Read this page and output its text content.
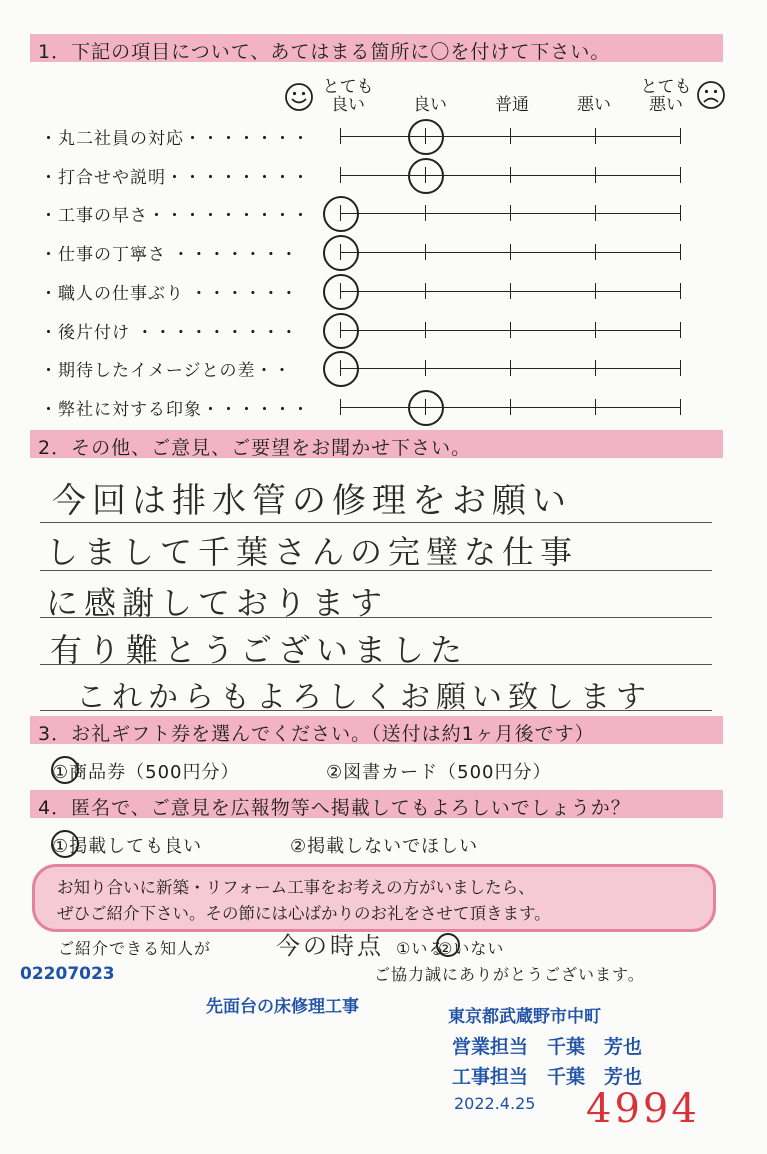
1．下記の項目について、あてはまる箇所に〇を付けて下さい。
とても
良い	良い	普通	悪い
とても
悪い
・丸二社員の対応・・・・・・・
・打合せや説明・・・・・・・・
・工事の早さ・・・・・・・・・
・仕事の丁寧さ ・・・・・・・
・職人の仕事ぶり ・・・・・・
・後片付け ・・・・・・・・・
・期待したイメージとの差・・
・弊社に対する印象・・・・・・
2．その他、ご意見、ご要望をお聞かせ下さい。
今回は排水管の修理をお願い
しまして千葉さんの完璧な仕事
に感謝しております
有り難とうございました
これからもよろしくお願い致します
3．お礼ギフト券を選んでください。（送付は約1ヶ月後です）
①商品券（500円分）	②図書カード（500円分）
4．匿名で、ご意見を広報物等へ掲載してもよろしいでしょうか？
①掲載しても良い	②掲載しないでほしい
お知り合いに新築・リフォーム工事をお考えの方がいましたら、
ぜひご紹介下さい。その節には心ばかりのお礼をさせて頂きます。
ご紹介できる知人が	今の時点 ①いる
②いない
ご協力誠にありがとうございます。
02207023
先面台の床修理工事	東京都武蔵野市中町
営業担当　千葉　芳也
工事担当　千葉　芳也
2022.4.25 4994
